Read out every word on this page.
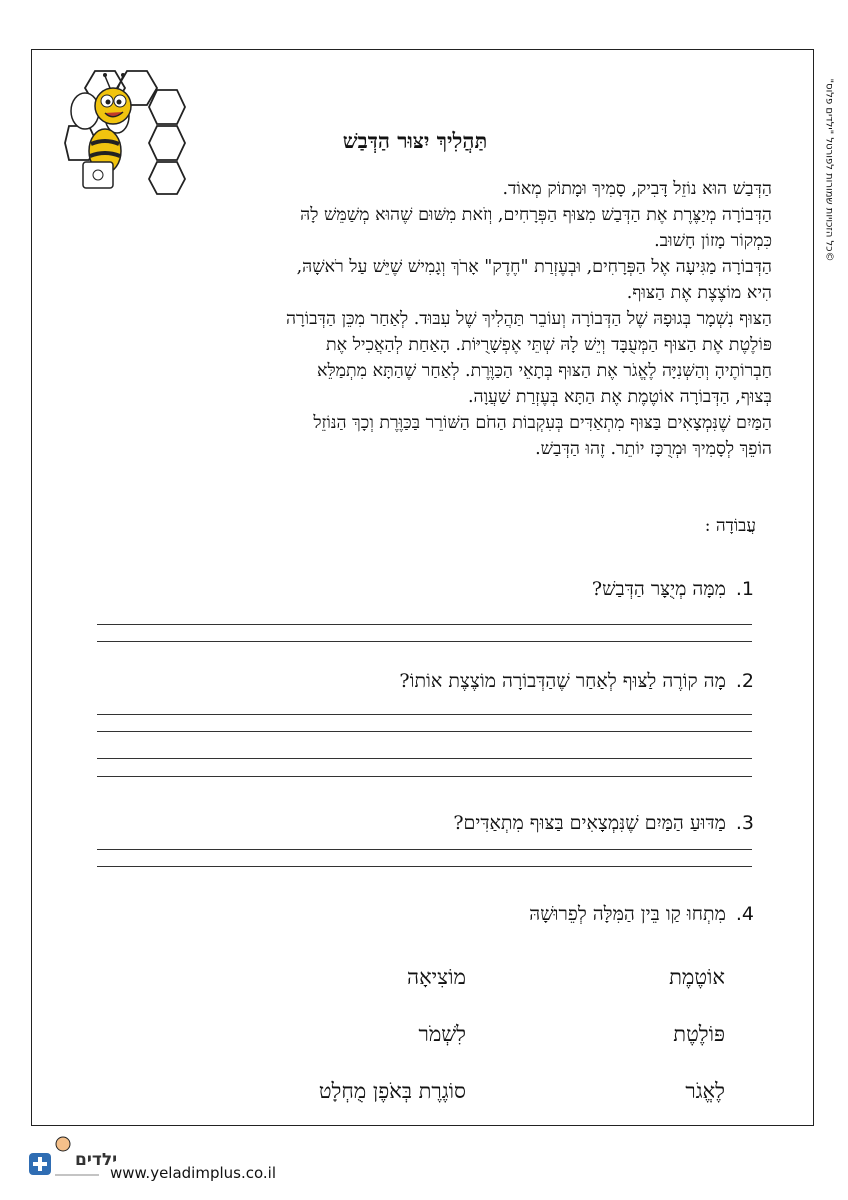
©כל הזכויות שמורות לפורטל "ילדים פלוס"
תַּהֲלִיךְ יִצּוּר הַדְּבַשׁ
הַדְּבַשׁ הוּא נוֹזֵל דָּבִיק, סָמִיךְ וּמָתוֹק מְאוֹד.
הַדְּבוֹרָה מְיַצֶּרֶת אֶת הַדְּבַשׁ מִצּוּף הַפְּרָחִים, וְזֹאת מִשּׁוּם שֶׁהוּא מְשַׁמֵּשׁ לָהּ
כִּמְקוֹר מָזוֹן חָשׁוּב.
הַדְּבוֹרָה מַגִּיעָה אֶל הַפְּרָחִים, וּבְעֶזְרַת "חֶדֶק" אָרֹךְ וְגָמִישׁ שֶׁיֵּשׁ עַל רֹאשָׁהּ,
הִיא מוֹצֶצֶת אֶת הַצּוּף.
הַצּוּף נִשְׁמָר בְּגוּפָהּ שֶׁל הַדְּבוֹרָה וְעוֹבֵר תַּהֲלִיךְ שֶׁל עִבּוּד. לְאַחַר מִכֵּן הַדְּבוֹרָה
פּוֹלֶטֶת אֶת הַצּוּף הַמְּעֻבָּד וְיֵשׁ לָהּ שְׁתֵּי אֶפְשָׁרֻיּוֹת. הָאַחַת לְהַאֲכִיל אֶת
חַבְרוֹתֶיהָ וְהַשְּׁנִיָּה לֶאֱגֹר אֶת הַצּוּף בְּתָאֵי הַכַּוֶּרֶת. לְאַחַר שֶׁהַתָּא מִתְמַלֵּא
בְּצוּף, הַדְּבוֹרָה אוֹטֶמֶת אֶת הַתָּא בְּעֶזְרַת שַׁעֲוָה.
הַמַּיִם שֶׁנִּמְצָאִים בַּצּוּף מִתְאַדִּים בְּעִקְבוֹת הַחֹם הַשּׁוֹרֵר בַּכַּוֶּרֶת וְכָךְ הַנּוֹזֵל
הוֹפֵךְ לְסָמִיךְ וּמְרֻכָּז יוֹתֵר. זֶהוּ הַדְּבַשׁ.
עֲבוֹדָה :
1.מִמָּה מְיֻצָּר הַדְּבַשׁ?
2.מָה קוֹרֶה לַצּוּף לְאַחַר שֶׁהַדְּבוֹרָה מוֹצֶצֶת אוֹתוֹ?
3.מַדּוּעַ הַמַּיִם שֶׁנִּמְצָאִים בַּצּוּף מִתְאַדִּים?
4.מִתְחוּ קַו בֵּין הַמִּלָּה לְפֵרוּשָׁהּ
אוֹטֶמֶת
פּוֹלֶטֶת
לֶאֱגֹר
מוֹצִיאָה
לִשְׁמֹר
סוֹגֶרֶת בְּאֹפֶן מֻחְלָט
ילדים
www.yeladimplus.co.il
